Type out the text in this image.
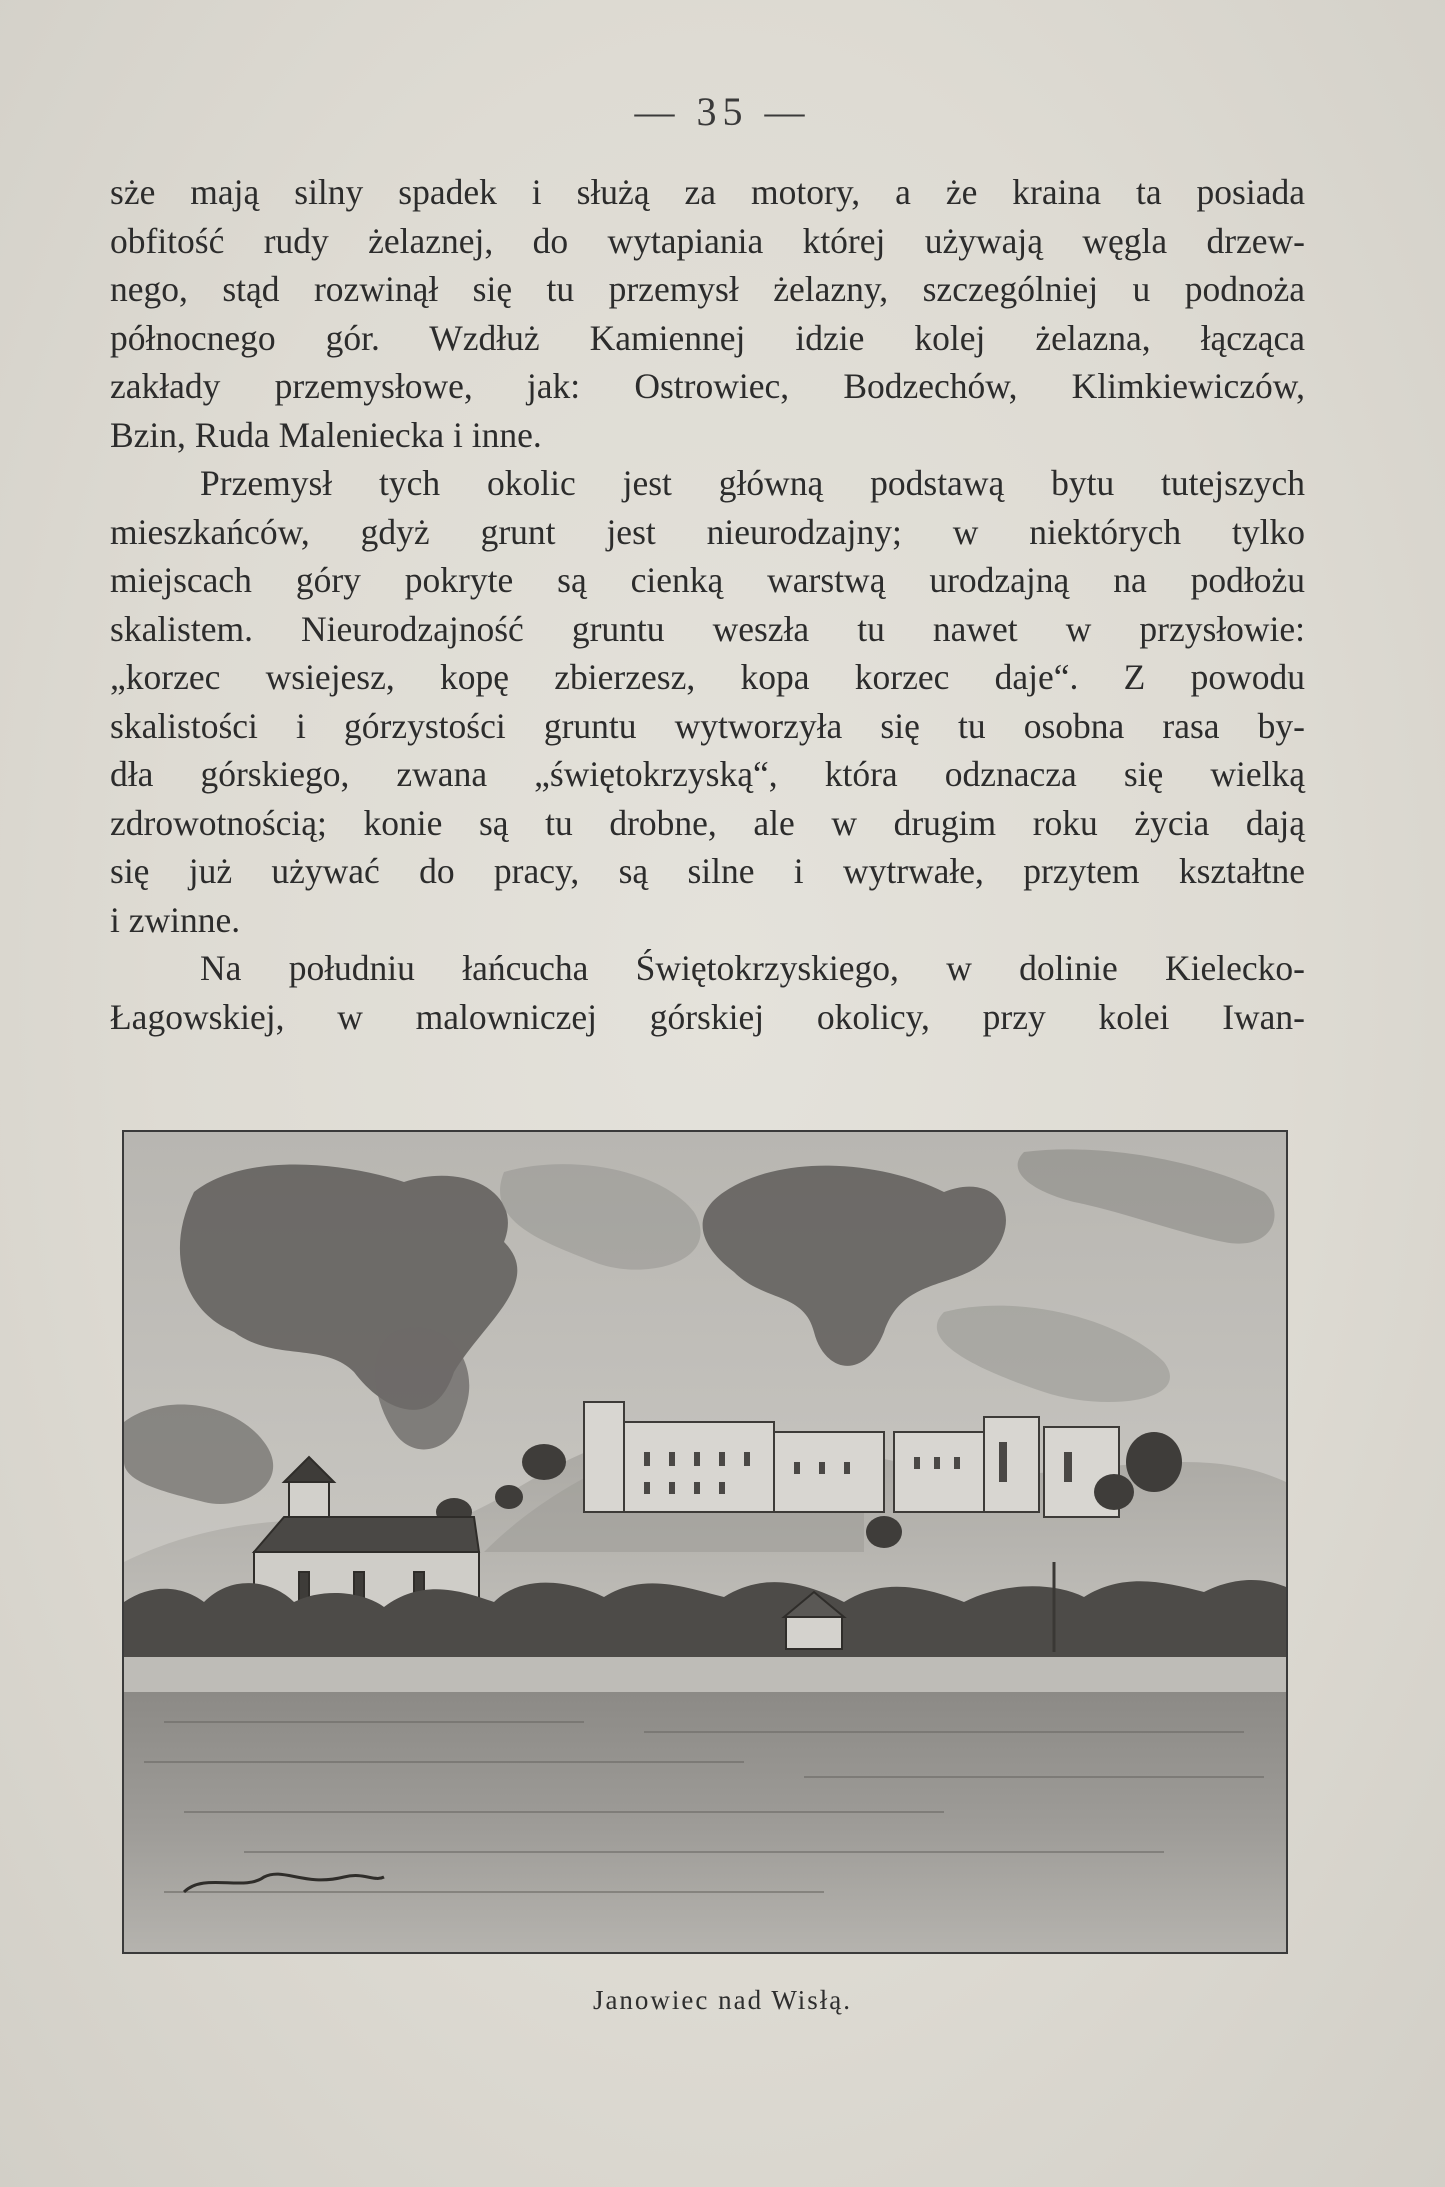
— 35 —
sże mają silny spadek i służą za motory, a że kraina ta posiada
obfitość rudy żelaznej, do wytapiania której używają węgla drzew-
nego, stąd rozwinął się tu przemysł żelazny, szczególniej u podnoża
północnego gór. Wzdłuż Kamiennej idzie kolej żelazna, łącząca
zakłady przemysłowe, jak: Ostrowiec, Bodzechów, Klimkiewiczów,
Bzin, Ruda Maleniecka i inne.
Przemysł tych okolic jest główną podstawą bytu tutejszych
mieszkańców, gdyż grunt jest nieurodzajny; w niektórych tylko
miejscach góry pokryte są cienką warstwą urodzajną na podłożu
skalistem. Nieurodzajność gruntu weszła tu nawet w przysłowie:
„korzec wsiejesz, kopę zbierzesz, kopa korzec daje“. Z powodu
skalistości i górzystości gruntu wytworzyła się tu osobna rasa by-
dła górskiego, zwana „świętokrzyską“, która odznacza się wielką
zdrowotnością; konie są tu drobne, ale w drugim roku życia dają
się już używać do pracy, są silne i wytrwałe, przytem kształtne
i zwinne.
Na południu łańcucha Świętokrzyskiego, w dolinie Kielecko-
Łagowskiej, w malowniczej górskiej okolicy, przy kolei Iwan-
Janowiec nad Wisłą.
